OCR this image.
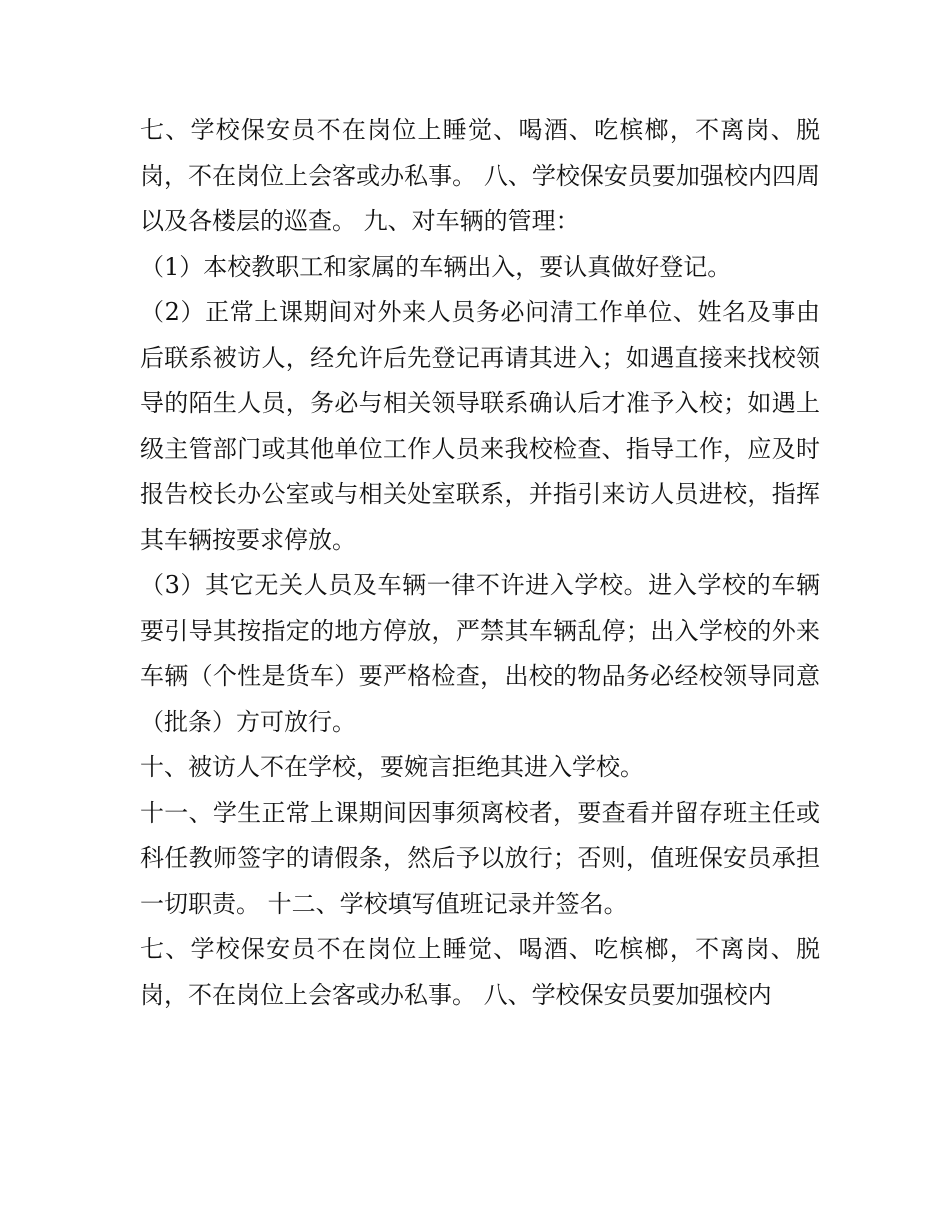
七、学校保安员不在岗位上睡觉、喝酒、吃槟榔，不离岗、脱岗，不在岗位上会客或办私事。 八、学校保安员要加强校内四周以及各楼层的巡查。 九、对车辆的管理：

（1）本校教职工和家属的车辆出入，要认真做好登记。

（2）正常上课期间对外来人员务必问清工作单位、姓名及事由后联系被访人，经允许后先登记再请其进入；如遇直接来找校领导的陌生人员，务必与相关领导联系确认后才准予入校；如遇上级主管部门或其他单位工作人员来我校检查、指导工作，应及时报告校长办公室或与相关处室联系，并指引来访人员进校，指挥其车辆按要求停放。

（3）其它无关人员及车辆一律不许进入学校。进入学校的车辆要引导其按指定的地方停放，严禁其车辆乱停；出入学校的外来车辆（个性是货车）要严格检查，出校的物品务必经校领导同意（批条）方可放行。

十、被访人不在学校，要婉言拒绝其进入学校。

十一、学生正常上课期间因事须离校者，要查看并留存班主任或科任教师签字的请假条，然后予以放行；否则，值班保安员承担一切职责。 十二、学校填写值班记录并签名。

七、学校保安员不在岗位上睡觉、喝酒、吃槟榔，不离岗、脱岗，不在岗位上会客或办私事。 八、学校保安员要加强校内
